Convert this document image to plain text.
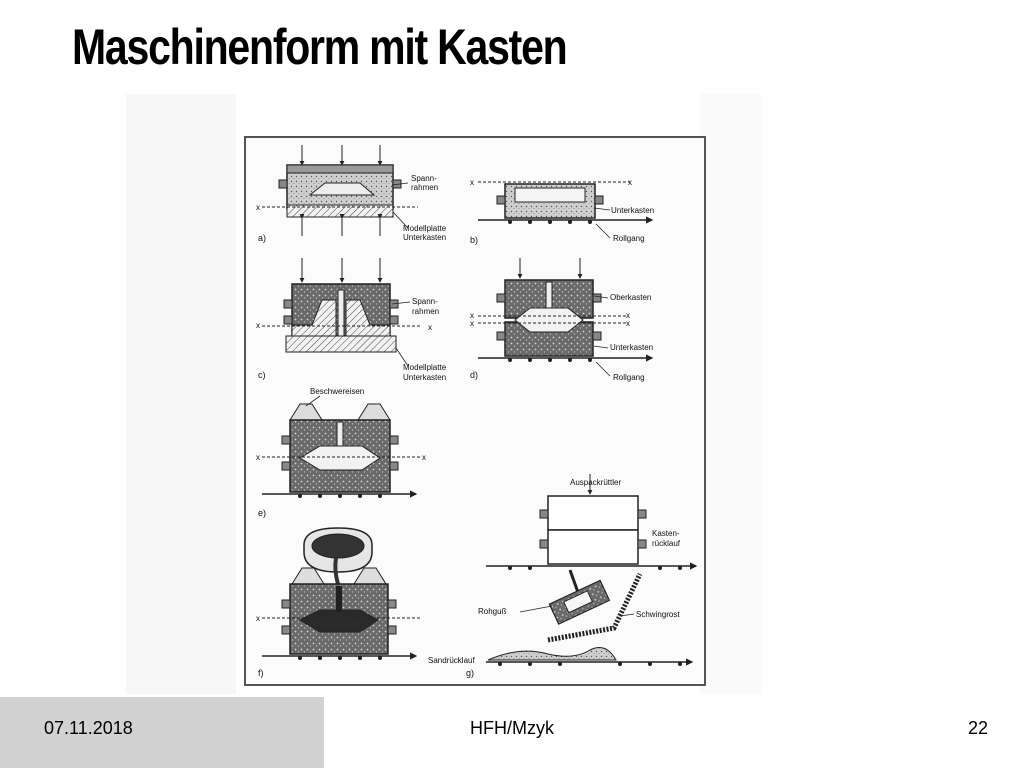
Maschinenform mit Kasten
Spann-
rahmen
Modellplatte
Unterkasten
x
a)
x	x
Unterkasten
Rollgang
b)
Spann-
rahmen
x	x
Modellplatte
Unterkasten
c)
Oberkasten
x
x
x
x
Unterkasten
Rollgang
d)
Beschwereisen
x	x
e)
x
f)
Auspackrüttler
Kasten-
rücklauf
Rohguß	Schwingrost
Sandrücklauf
g)
07.11.2018	HFH/Mzyk	22
